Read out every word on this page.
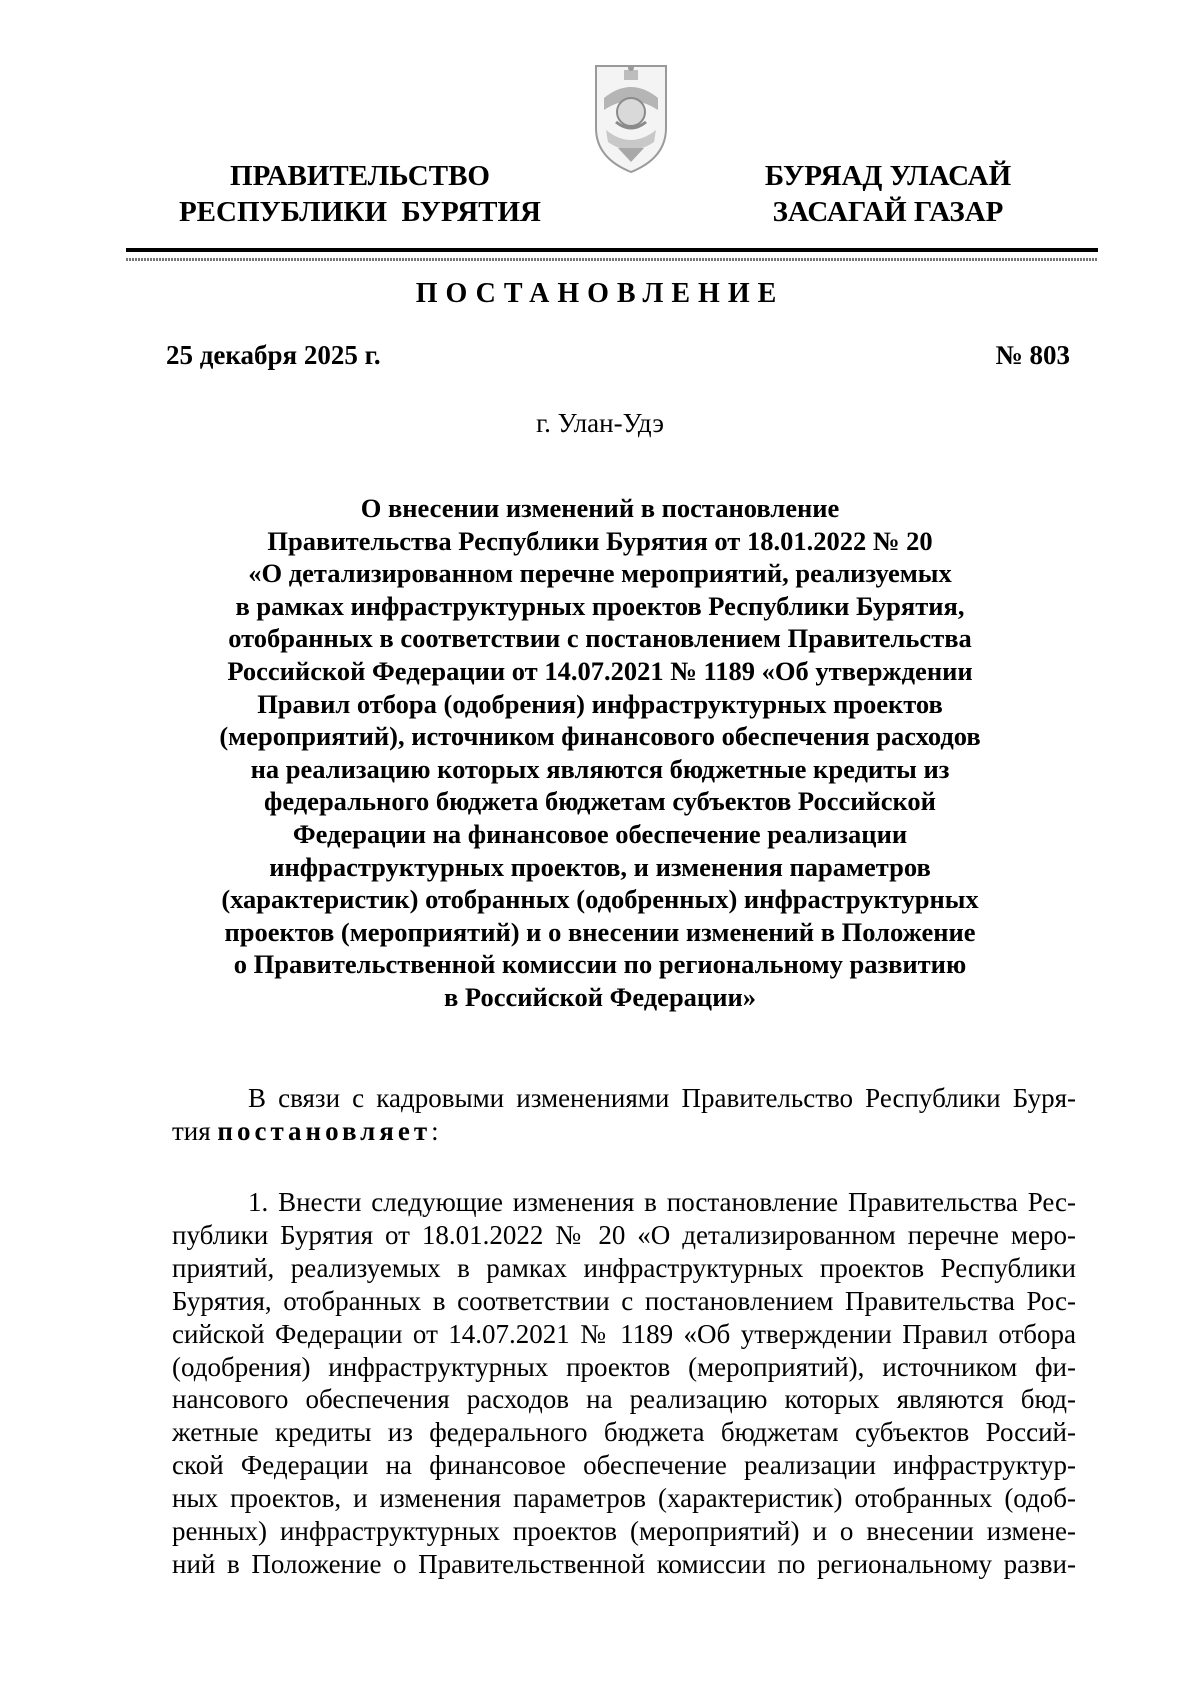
ПРАВИТЕЛЬСТВО
РЕСПУБЛИКИ  БУРЯТИЯ
БУРЯАД УЛАСАЙ
ЗАСАГАЙ ГАЗАР
ПОСТАНОВЛЕНИЕ
25 декабря 2025 г.	№ 803
г. Улан-Удэ
О внесении изменений в постановление
Правительства Республики Бурятия от 18.01.2022 № 20
«О детализированном перечне мероприятий, реализуемых
в рамках инфраструктурных проектов Республики Бурятия,
отобранных в соответствии с постановлением Правительства
Российской Федерации от 14.07.2021 № 1189 «Об утверждении
Правил отбора (одобрения) инфраструктурных проектов
(мероприятий), источником финансового обеспечения расходов
на реализацию которых являются бюджетные кредиты из
федерального бюджета бюджетам субъектов Российской
Федерации на финансовое обеспечение реализации
инфраструктурных проектов, и изменения параметров
(характеристик) отобранных (одобренных) инфраструктурных
проектов (мероприятий) и о внесении изменений в Положение
о Правительственной комиссии по региональному развитию
в Российской Федерации»
В связи с кадровыми изменениями Правительство Республики Буря-
тия постановляет:
1. Внести следующие изменения в постановление Правительства Рес-
публики Бурятия от 18.01.2022 № 20 «О детализированном перечне меро-
приятий, реализуемых в рамках инфраструктурных проектов Республики
Бурятия, отобранных в соответствии с постановлением Правительства Рос-
сийской Федерации от 14.07.2021 № 1189 «Об утверждении Правил отбора
(одобрения) инфраструктурных проектов (мероприятий), источником фи-
нансового обеспечения расходов на реализацию которых являются бюд-
жетные кредиты из федерального бюджета бюджетам субъектов Россий-
ской Федерации на финансовое обеспечение реализации инфраструктур-
ных проектов, и изменения параметров (характеристик) отобранных (одоб-
ренных) инфраструктурных проектов (мероприятий) и о внесении измене-
ний в Положение о Правительственной комиссии по региональному разви-
